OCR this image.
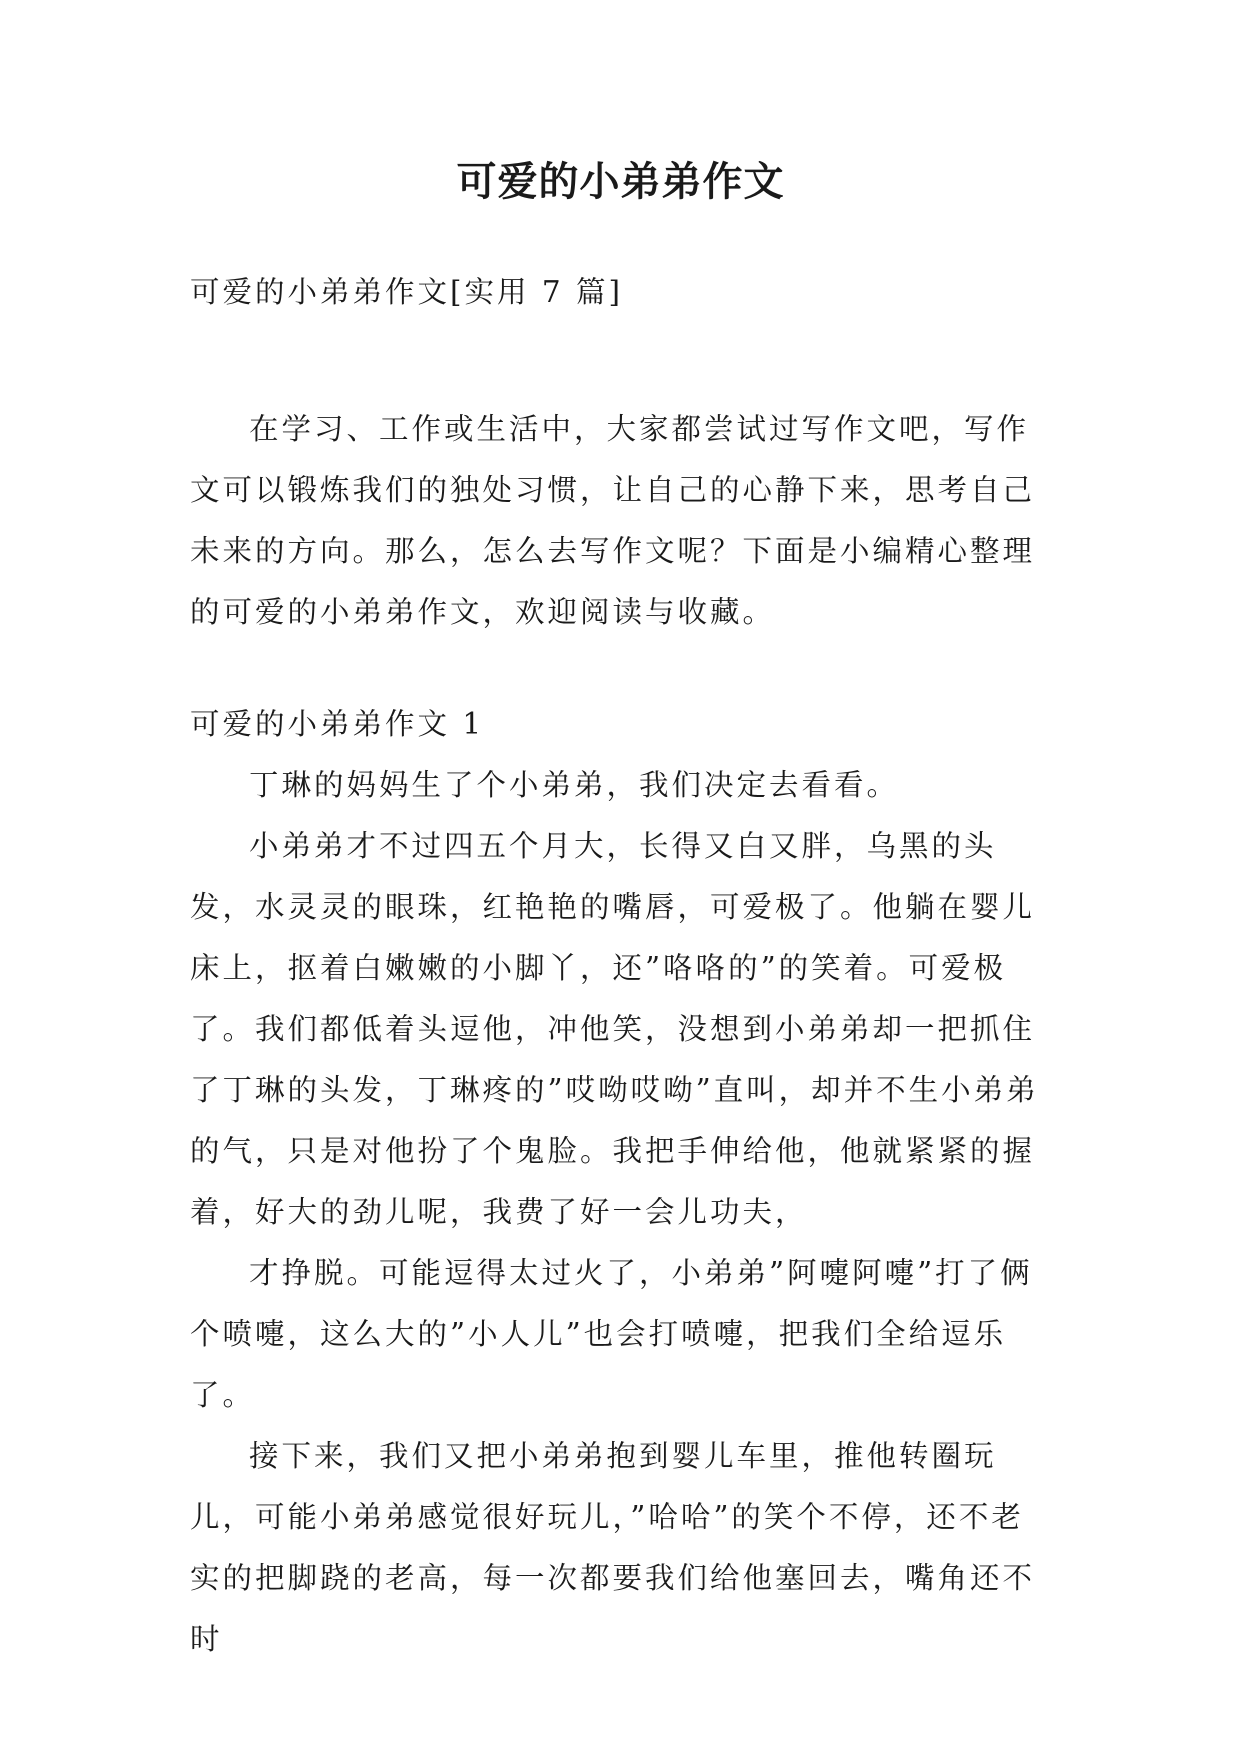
可爱的小弟弟作文
可爱的小弟弟作文[实用 7 篇]

在学习、工作或生活中，大家都尝试过写作文吧，写作文可以锻炼我们的独处习惯，让自己的心静下来，思考自己未来的方向。那么，怎么去写作文呢？下面是小编精心整理的可爱的小弟弟作文，欢迎阅读与收藏。

可爱的小弟弟作文 1

丁琳的妈妈生了个小弟弟，我们决定去看看。

小弟弟才不过四五个月大，长得又白又胖，乌黑的头发，水灵灵的眼珠，红艳艳的嘴唇，可爱极了。他躺在婴儿床上，抠着白嫩嫩的小脚丫，还”咯咯的”的笑着。可爱极了。我们都低着头逗他，冲他笑，没想到小弟弟却一把抓住了丁琳的头发，丁琳疼的”哎呦哎呦”直叫，却并不生小弟弟的气，只是对他扮了个鬼脸。我把手伸给他，他就紧紧的握着，好大的劲儿呢，我费了好一会儿功夫，

才挣脱。可能逗得太过火了，小弟弟”阿嚏阿嚏”打了俩个喷嚏，这么大的”小人儿”也会打喷嚏，把我们全给逗乐了。

接下来，我们又把小弟弟抱到婴儿车里，推他转圈玩儿，可能小弟弟感觉很好玩儿，”哈哈”的笑个不停，还不老实的把脚跷的老高，每一次都要我们给他塞回去，嘴角还不时
